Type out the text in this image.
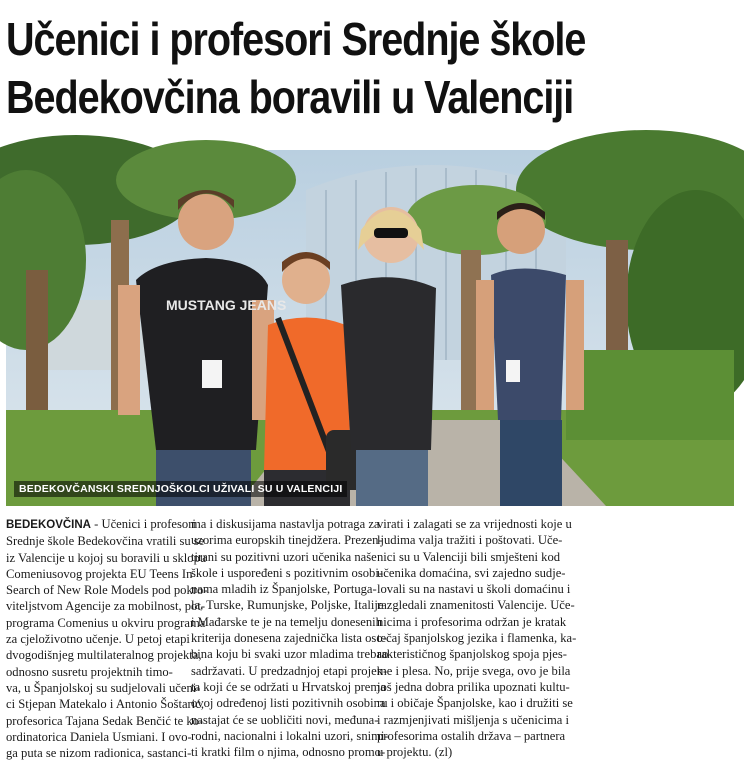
Učenici i profesori Srednje škole
Bedekovčina boravili u Valenciji
MUSTANG JEANS
BEDEKOVČANSKI SREDNJOŠKOLCI UŽIVALI SU U VALENCIJI
BEDEKOVČINA - Učenici i profesori
Srednje škole Bedekovčina vratili su se
iz Valencije u kojoj su boravili u sklopu
Comeniusovog projekta EU Teens In
Search of New Role Models pod pokro-
viteljstvom Agencije za mobilnost, pot-
programa Comenius u okviru programa
za cjeloživotno učenje. U petoj etapi
dvogodišnjeg multilateralnog projekta,
odnosno susretu projektnih timo-
va, u Španjolskoj su sudjelovali učeni-
ci Stjepan Matekalo i Antonio Šoštarić,
profesorica Tajana Sedak Benčić te ko-
ordinatorica Daniela Usmiani. I ovo-
ga puta se nizom radionica, sastanci-
ma i diskusijama nastavlja potraga za
uzorima europskih tinejdžera. Prezen-
tirani su pozitivni uzori učenika naše
škole i uspoređeni s pozitivnim osobi-
nama mladih iz Španjolske, Portuga-
la, Turske, Rumunjske, Poljske, Italije
i Mađarske te je na temelju donesenih
kriterija donesena zajednička lista oso-
bina koju bi svaki uzor mladima trebao
sadržavati. U predzadnjoj etapi projek-
ta koji će se održati u Hrvatskoj prema
ovoj određenoj listi pozitivnih osobina
nastajat će se uobličiti novi, međuna-
rodni, nacionalni i lokalni uzori, snimi-
ti kratki film o njima, odnosno promo-
virati i zalagati se za vrijednosti koje u
ljudima valja tražiti i poštovati. Uče-
nici su u Valenciji bili smješteni kod
učenika domaćina, svi zajedno sudje-
lovali su na nastavi u školi domaćinu i
razgledali znamenitosti Valencije. Uče-
nicima i profesorima održan je kratak
tečaj španjolskog jezika i flamenka, ka-
rakterističnog španjolskog spoja pjes-
me i plesa. No, prije svega, ovo je bila
još jedna dobra prilika upoznati kultu-
ru i običaje Španjolske, kao i družiti se
i razmjenjivati mišljenja s učenicima i
profesorima ostalih država – partnera
u projektu. (zl)
